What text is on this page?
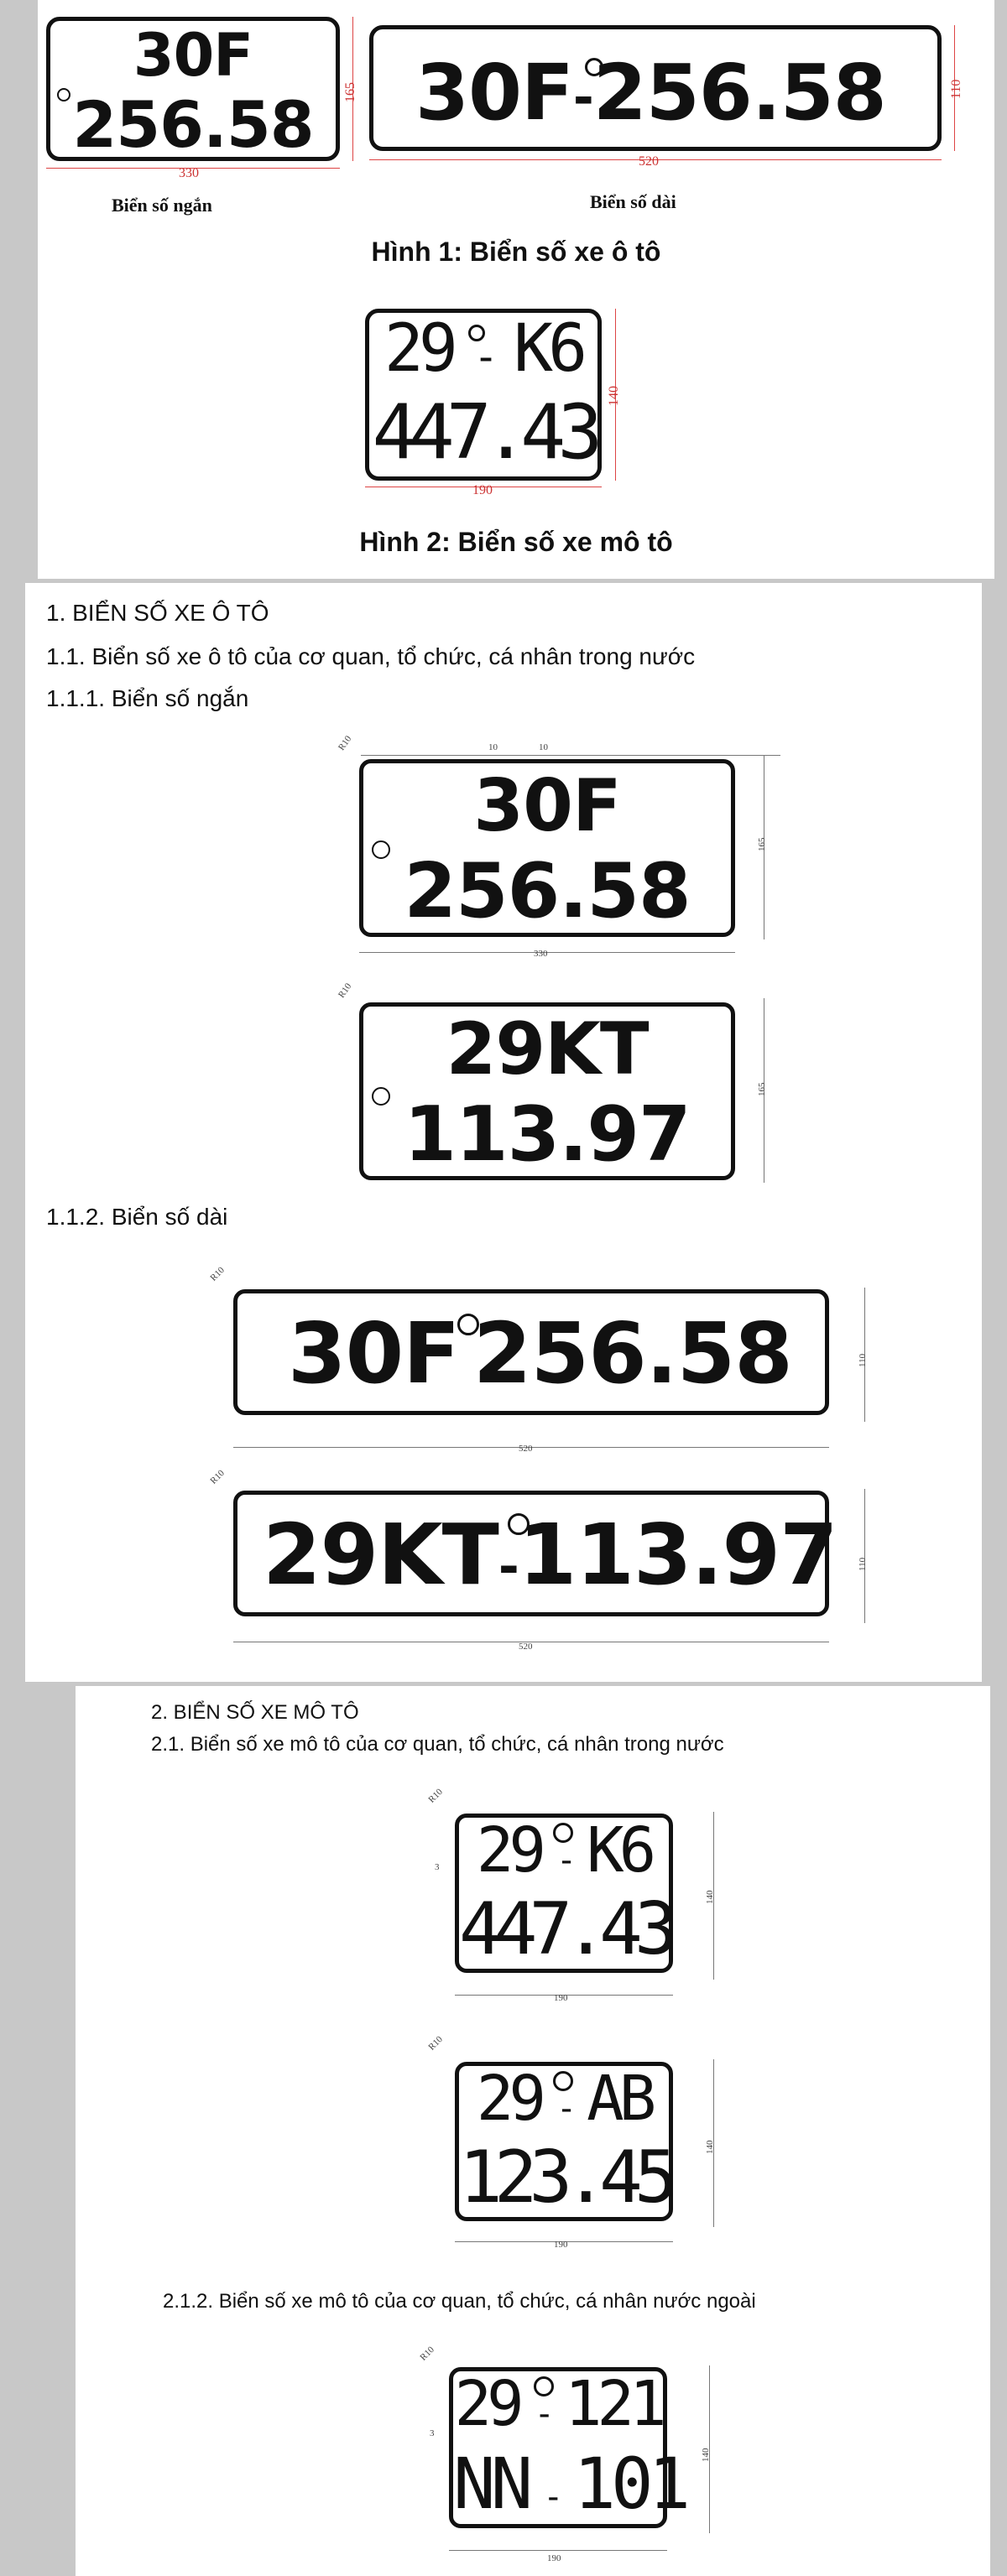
30F
256.58
330
165
Biển số ngắn
30F-256.58
520
110
Biển số dài
Hình 1: Biển số xe ô tô
29 - K6
447.43
190
140
Hình 2: Biển số xe mô tô
1. BIỂN SỐ XE Ô TÔ
1.1. Biển số xe ô tô của cơ quan, tổ chức, cá nhân trong nước
1.1.1. Biển số ngắn
R10	10	10
165
30F
256.58
330
R10
165
29KT
113.97
1.1.2. Biển số dài
R10
110
30F 256.58
520
R10
110
29KT-113.97
520
2. BIỂN SỐ XE MÔ TÔ
2.1. Biển số xe mô tô của cơ quan, tổ chức, cá nhân trong nước
R10
3
140
29 - K6
447.43
190
R10
140
29 - AB
123.45
190
2.1.2. Biển số xe mô tô của cơ quan, tổ chức, cá nhân nước ngoài
R10
3
140
29 - 121
NN - 101
190
